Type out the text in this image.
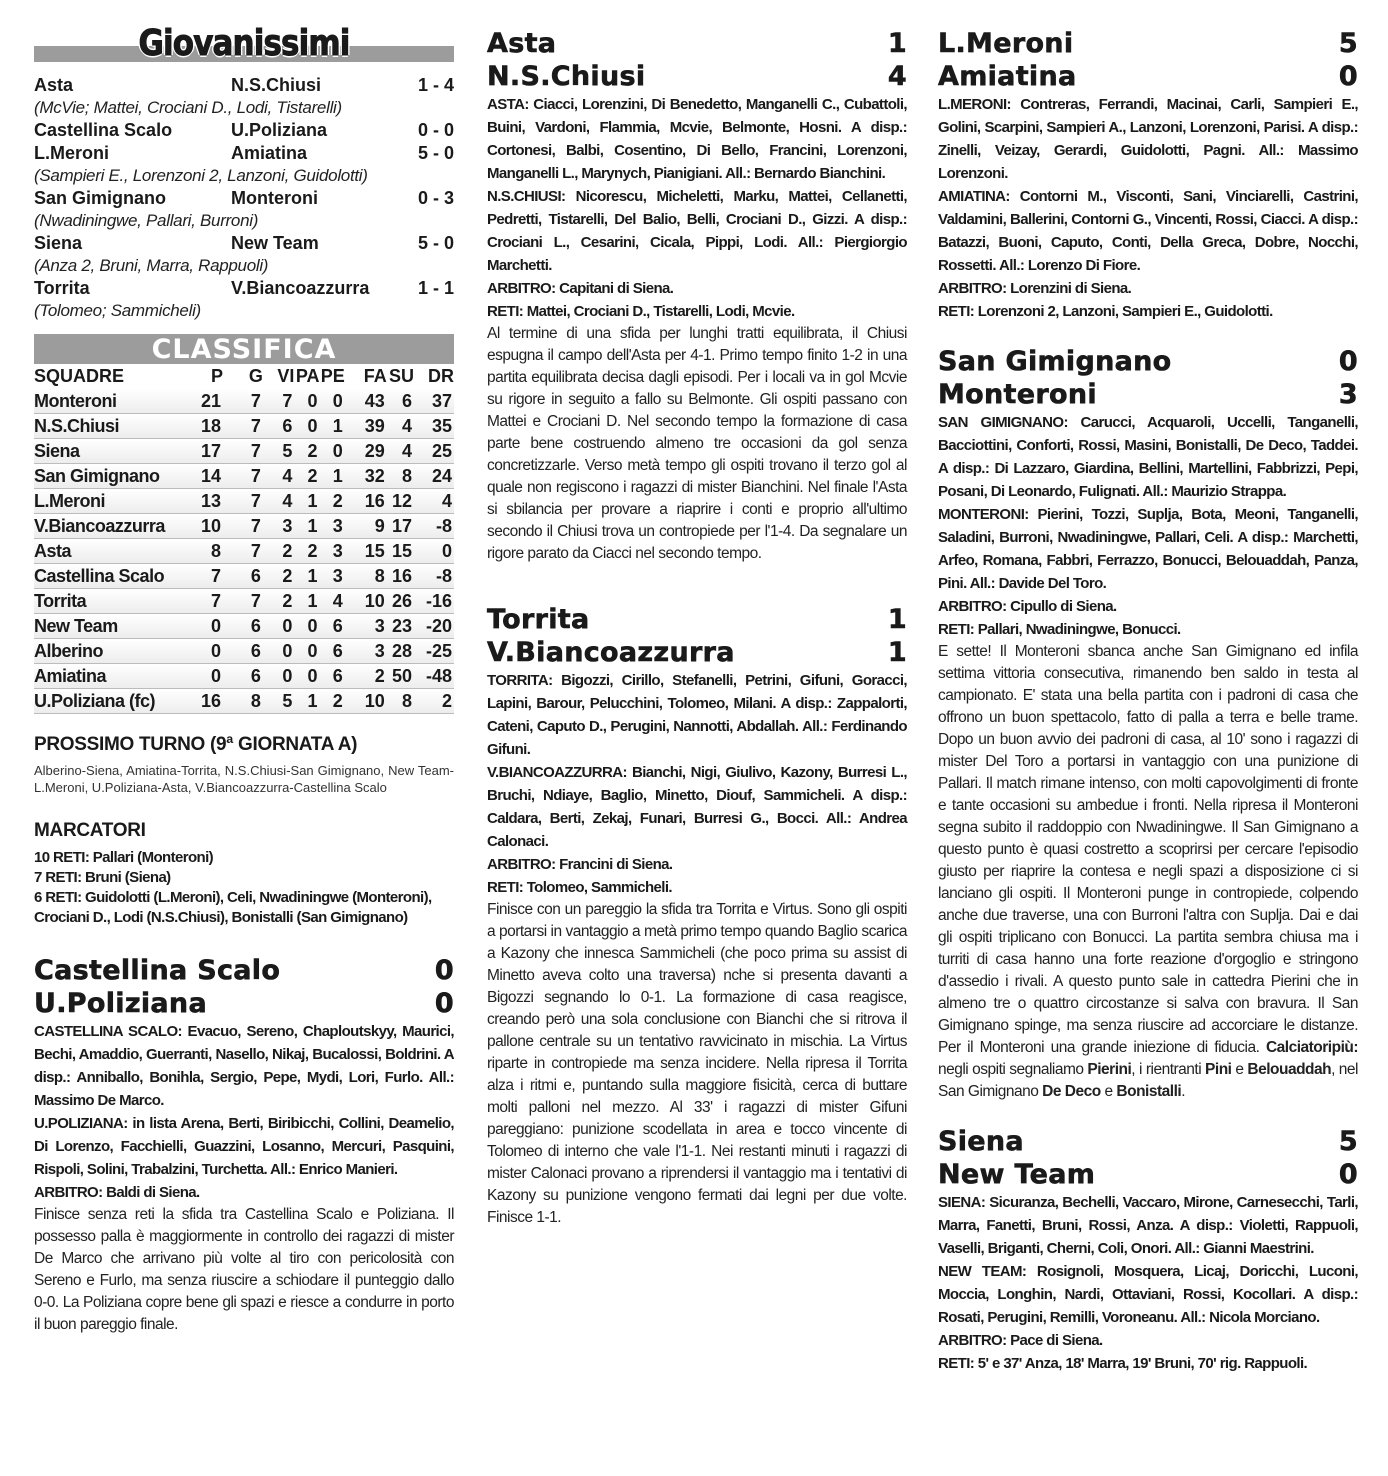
Giovanissimi
Asta	N.S.Chiusi	1 - 4
(McVie; Mattei, Crociani D., Lodi, Tistarelli)
Castellina Scalo	U.Poliziana	0 - 0
L.Meroni	Amiatina	5 - 0
(Sampieri E., Lorenzoni 2, Lanzoni, Guidolotti)
San Gimignano	Monteroni	0 - 3
(Nwadiningwe, Pallari, Burroni)
Siena	New Team	5 - 0
(Anza 2, Bruni, Marra, Rappuoli)
Torrita	V.Biancoazzurra	1 - 1
(Tolomeo; Sammicheli)
CLASSIFICA
SQUADRE	P	G	VI	PA	PE	FA	SU	DR
Monteroni	21	7	7	0	0	43	6	37
N.S.Chiusi	18	7	6	0	1	39	4	35
Siena	17	7	5	2	0	29	4	25
San Gimignano	14	7	4	2	1	32	8	24
L.Meroni	13	7	4	1	2	16	12	4
V.Biancoazzurra	10	7	3	1	3	9	17	-8
Asta	8	7	2	2	3	15	15	0
Castellina Scalo	7	6	2	1	3	8	16	-8
Torrita	7	7	2	1	4	10	26	-16
New Team	0	6	0	0	6	3	23	-20
Alberino	0	6	0	0	6	3	28	-25
Amiatina	0	6	0	0	6	2	50	-48
U.Poliziana (fc)	16	8	5	1	2	10	8	2
PROSSIMO TURNO (9ª GIORNATA A)
Alberino-Siena, Amiatina-Torrita, N.S.Chiusi-San Gimignano, New Team-L.Meroni, U.Poliziana-Asta, V.Biancoazzurra-Castellina Scalo
MARCATORI
10 RETI: Pallari (Monteroni)
7 RETI: Bruni (Siena)
6 RETI: Guidolotti (L.Meroni), Celi, Nwadiningwe (Monteroni), Crociani D., Lodi (N.S.Chiusi), Bonistalli (San Gimignano)
Castellina Scalo	0
U.Poliziana	0
CASTELLINA SCALO: Evacuo, Sereno, Chaploutskyy, Maurici, Bechi, Amaddio, Guerranti, Nasello, Nikaj, Bucalossi, Boldrini. A disp.: Anniballo, Bonihla, Sergio, Pepe, Mydi, Lori, Furlo. All.: Massimo De Marco.
U.POLIZIANA: in lista Arena, Berti, Biribicchi, Collini, Deamelio, Di Lorenzo, Facchielli, Guazzini, Losanno, Mercuri, Pasquini, Rispoli, Solini, Trabalzini, Turchetta. All.: Enrico Manieri.
ARBITRO: Baldi di Siena.
Finisce senza reti la sfida tra Castellina Scalo e Poliziana. Il possesso palla è maggiormente in controllo dei ragazzi di mister De Marco che arrivano più volte al tiro con pericolosità con Sereno e Furlo, ma senza riuscire a schiodare il punteggio dallo 0-0. La Poliziana copre bene gli spazi e riesce a condurre in porto il buon pareggio finale.
Asta	1
N.S.Chiusi	4
ASTA: Ciacci, Lorenzini, Di Benedetto, Manganelli C., Cubattoli, Buini, Vardoni, Flammia, Mcvie, Belmonte, Hosni. A disp.: Cortonesi, Balbi, Cosentino, Di Bello, Francini, Lorenzoni, Manganelli L., Marynych, Pianigiani. All.: Bernardo Bianchini.
N.S.CHIUSI: Nicorescu, Micheletti, Marku, Mattei, Cellanetti, Pedretti, Tistarelli, Del Balio, Belli, Crociani D., Gizzi. A disp.: Crociani L., Cesarini, Cicala, Pippi, Lodi. All.: Piergiorgio Marchetti.
ARBITRO: Capitani di Siena.
RETI: Mattei, Crociani D., Tistarelli, Lodi, Mcvie.
Al termine di una sfida per lunghi tratti equilibrata, il Chiusi espugna il campo dell'Asta per 4-1. Primo tempo finito 1-2 in una partita equilibrata decisa dagli episodi. Per i locali va in gol Mcvie su rigore in seguito a fallo su Belmonte. Gli ospiti passano con Mattei e Crociani D. Nel secondo tempo la formazione di casa parte bene costruendo almeno tre occasioni da gol senza concretizzarle. Verso metà tempo gli ospiti trovano il terzo gol al quale non regiscono i ragazzi di mister Bianchini. Nel finale l'Asta si sbilancia per provare a riaprire i conti e proprio all'ultimo secondo il Chiusi trova un contropiede per l'1-4. Da segnalare un rigore parato da Ciacci nel secondo tempo.
Torrita	1
V.Biancoazzurra	1
TORRITA: Bigozzi, Cirillo, Stefanelli, Petrini, Gifuni, Goracci, Lapini, Barour, Pelucchini, Tolomeo, Milani. A disp.: Zappalorti, Cateni, Caputo D., Perugini, Nannotti, Abdallah. All.: Ferdinando Gifuni.
V.BIANCOAZZURRA: Bianchi, Nigi, Giulivo, Kazony, Burresi L., Bruchi, Ndiaye, Baglio, Minetto, Diouf, Sammicheli. A disp.: Caldara, Berti, Zekaj, Funari, Burresi G., Bocci. All.: Andrea Calonaci.
ARBITRO: Francini di Siena.
RETI: Tolomeo, Sammicheli.
Finisce con un pareggio la sfida tra Torrita e Virtus. Sono gli ospiti a portarsi in vantaggio a metà primo tempo quando Baglio scarica a Kazony che innesca Sammicheli (che poco prima su assist di Minetto aveva colto una traversa) nche si presenta davanti a Bigozzi segnando lo 0-1. La formazione di casa reagisce, creando però una sola conclusione con Bianchi che si ritrova il pallone centrale su un tentativo ravvicinato in mischia. La Virtus riparte in contropiede ma senza incidere. Nella ripresa il Torrita alza i ritmi e, puntando sulla maggiore fisicità, cerca di buttare molti palloni nel mezzo. Al 33' i ragazzi di mister Gifuni pareggiano: punizione scodellata in area e tocco vincente di Tolomeo di interno che vale l'1-1. Nei restanti minuti i ragazzi di mister Calonaci provano a riprendersi il vantaggio ma i tentativi di Kazony su punizione vengono fermati dai legni per due volte. Finisce 1-1.
L.Meroni	5
Amiatina	0
L.MERONI: Contreras, Ferrandi, Macinai, Carli, Sampieri E., Golini, Scarpini, Sampieri A., Lanzoni, Lorenzoni, Parisi. A disp.: Zinelli, Veizay, Gerardi, Guidolotti, Pagni. All.: Massimo Lorenzoni.
AMIATINA: Contorni M., Visconti, Sani, Vinciarelli, Castrini, Valdamini, Ballerini, Contorni G., Vincenti, Rossi, Ciacci. A disp.: Batazzi, Buoni, Caputo, Conti, Della Greca, Dobre, Nocchi, Rossetti. All.: Lorenzo Di Fiore.
ARBITRO: Lorenzini di Siena.
RETI: Lorenzoni 2, Lanzoni, Sampieri E., Guidolotti.
San Gimignano	0
Monteroni	3
SAN GIMIGNANO: Carucci, Acquaroli, Uccelli, Tanganelli, Bacciottini, Conforti, Rossi, Masini, Bonistalli, De Deco, Taddei. A disp.: Di Lazzaro, Giardina, Bellini, Martellini, Fabbrizzi, Pepi, Posani, Di Leonardo, Fulignati. All.: Maurizio Strappa.
MONTERONI: Pierini, Tozzi, Suplja, Bota, Meoni, Tanganelli, Saladini, Burroni, Nwadiningwe, Pallari, Celi. A disp.: Marchetti, Arfeo, Romana, Fabbri, Ferrazzo, Bonucci, Belouaddah, Panza, Pini. All.: Davide Del Toro.
ARBITRO: Cipullo di Siena.
RETI: Pallari, Nwadiningwe, Bonucci.
E sette! Il Monteroni sbanca anche San Gimignano ed infila settima vittoria consecutiva, rimanendo ben saldo in testa al campionato. E' stata una bella partita con i padroni di casa che offrono un buon spettacolo, fatto di palla a terra e belle trame. Dopo un buon avvio dei padroni di casa, al 10' sono i ragazzi di mister Del Toro a portarsi in vantaggio con una punizione di Pallari. Il match rimane intenso, con molti capovolgimenti di fronte e tante occasioni su ambedue i fronti. Nella ripresa il Monteroni segna subito il raddoppio con Nwadiningwe. Il San Gimignano a questo punto è quasi costretto a scoprirsi per cercare l'episodio giusto per riaprire la contesa e negli spazi a disposizione ci si lanciano gli ospiti. Il Monteroni punge in contropiede, colpendo anche due traverse, una con Burroni l'altra con Suplja. Dai e dai gli ospiti triplicano con Bonucci. La partita sembra chiusa ma i turriti di casa hanno una forte reazione d'orgoglio e stringono d'assedio i rivali. A questo punto sale in cattedra Pierini che in almeno tre o quattro circostanze si salva con bravura. Il San Gimignano spinge, ma senza riuscire ad accorciare le distanze. Per il Monteroni una grande iniezione di fiducia. Calciatoripiù: negli ospiti segnaliamo Pierini, i rientranti Pini e Belouaddah, nel San Gimignano De Deco e Bonistalli.
Siena	5
New Team	0
SIENA: Sicuranza, Bechelli, Vaccaro, Mirone, Carnesecchi, Tarli, Marra, Fanetti, Bruni, Rossi, Anza. A disp.: Violetti, Rappuoli, Vaselli, Briganti, Cherni, Coli, Onori. All.: Gianni Maestrini.
NEW TEAM: Rosignoli, Mosquera, Licaj, Doricchi, Luconi, Moccia, Longhin, Nardi, Ottaviani, Rossi, Kocollari. A disp.: Rosati, Perugini, Remilli, Voroneanu. All.: Nicola Morciano.
ARBITRO: Pace di Siena.
RETI: 5' e 37' Anza, 18' Marra, 19' Bruni, 70' rig. Rappuoli.
